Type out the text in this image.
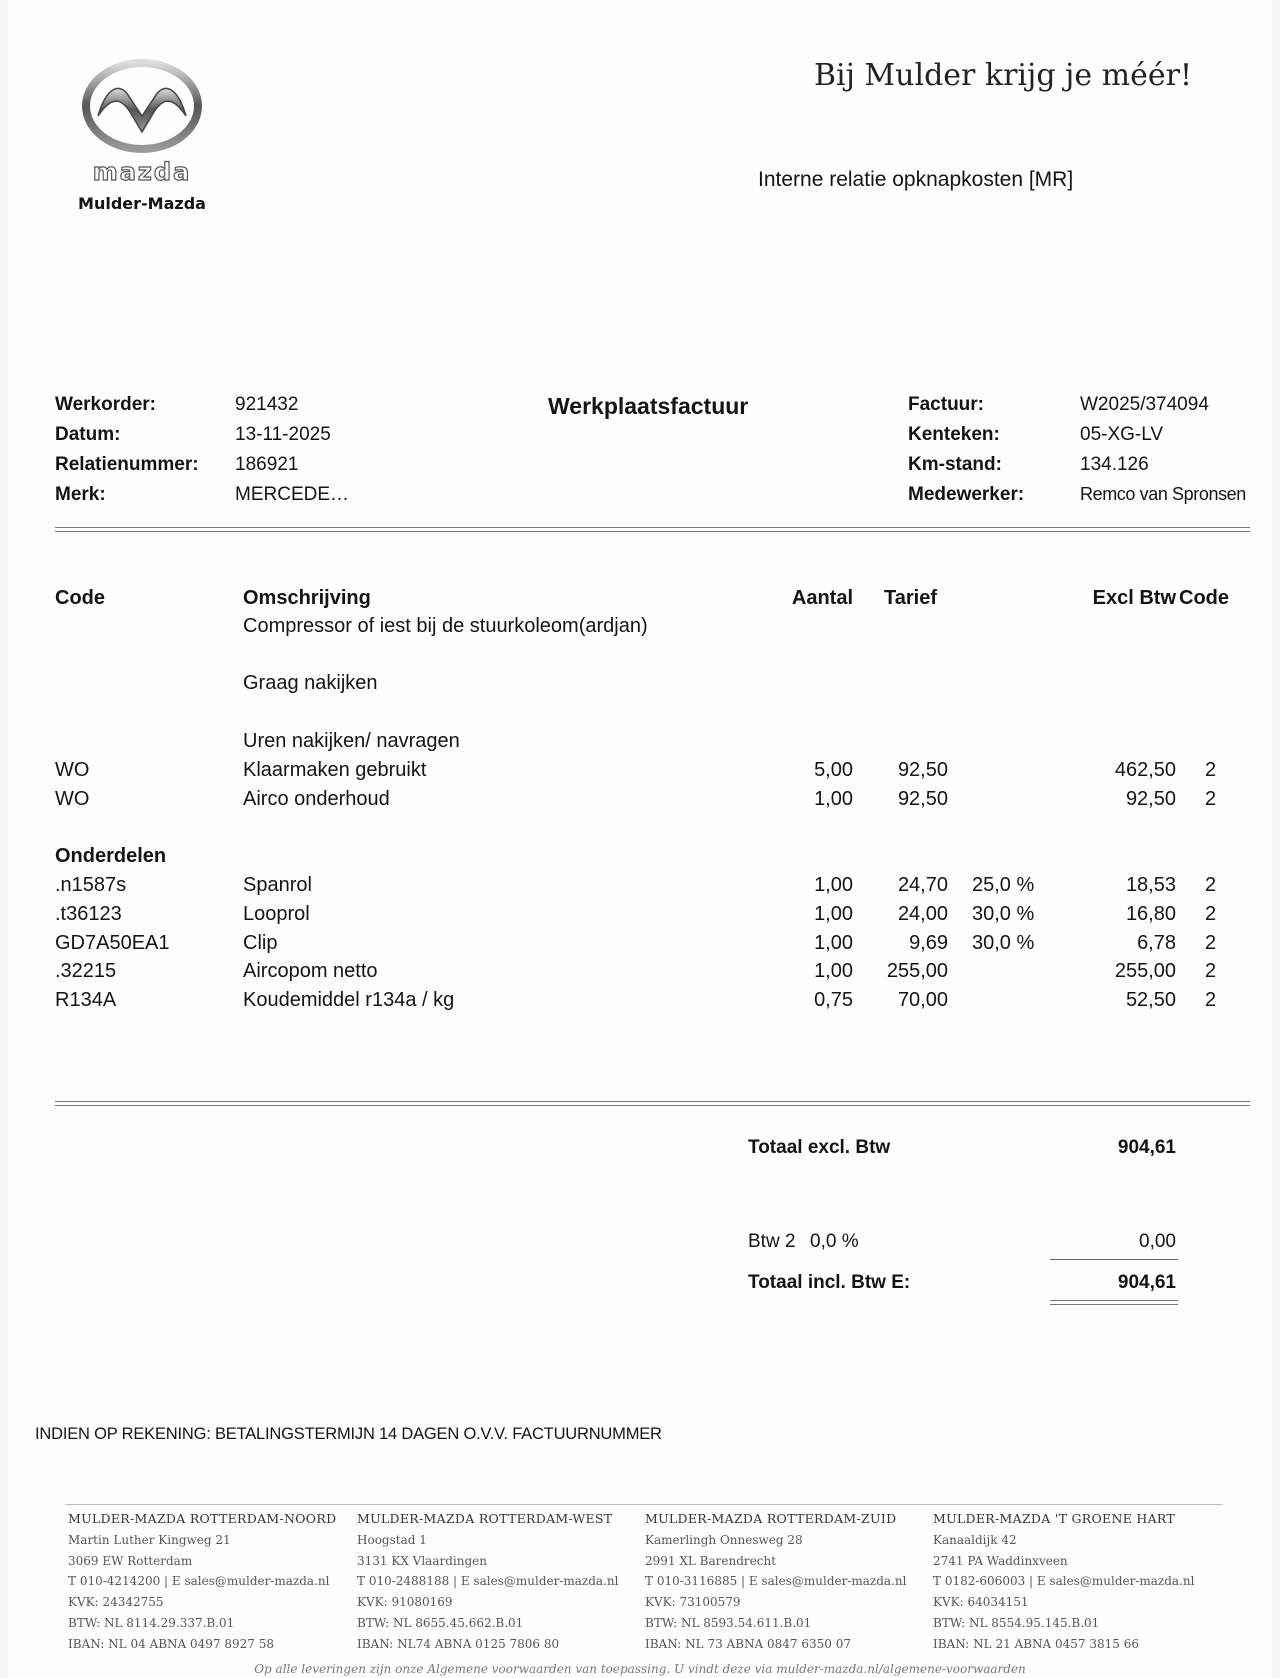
mazda
Mulder-Mazda
Bij Mulder krijg je méér!
Interne relatie opknapkosten [MR]
Werkorder:	921432
Datum:	13-11-2025
Relatienummer: 186921
Merk:	MERCEDE…
Werkplaatsfactuur	Factuur:	W2025/374094
Kenteken:	05-XG-LV
Km-stand:	134.126
Medewerker:	Remco van Spronsen
Code	Omschrijving	Aantal Tarief	Excl Btw Code
Compressor of iest bij de stuurkoleom(ardjan)
Graag nakijken
Uren nakijken/ navragen
WO	Klaarmaken gebruikt	5,00	92,50	462,50 2
WO	Airco onderhoud	1,00	92,50	92,50 2
Onderdelen
.n1587s	Spanrol	1,00	24,70 25,0 %	18,53 2
.t36123	Looprol	1,00	24,00 30,0 %	16,80 2
GD7A50EA1	Clip	1,00	9,69 30,0 %	6,78 2
.32215	Aircopom netto	1,00	255,00	255,00 2
R134A	Koudemiddel r134a / kg	0,75	70,00	52,50 2
Totaal excl. Btw	904,61
Btw 2 0,0 %	0,00
Totaal incl. Btw E:	904,61
INDIEN OP REKENING: BETALINGSTERMIJN 14 DAGEN O.V.V. FACTUURNUMMER
MULDER-MAZDA ROTTERDAM-NOORD
Martin Luther Kingweg 21
3069 EW Rotterdam
T 010-4214200 | E sales@mulder-mazda.nl
KVK: 24342755
BTW: NL 8114.29.337.B.01
IBAN: NL 04 ABNA 0497 8927 58
MULDER-MAZDA ROTTERDAM-WEST
Hoogstad 1
3131 KX Vlaardingen
T 010-2488188 | E sales@mulder-mazda.nl
KVK: 91080169
BTW: NL 8655.45.662.B.01
IBAN: NL74 ABNA 0125 7806 80
MULDER-MAZDA ROTTERDAM-ZUID
Kamerlingh Onnesweg 28
2991 XL Barendrecht
T 010-3116885 | E sales@mulder-mazda.nl
KVK: 73100579
BTW: NL 8593.54.611.B.01
IBAN: NL 73 ABNA 0847 6350 07
MULDER-MAZDA 'T GROENE HART
Kanaaldijk 42
2741 PA Waddinxveen
T 0182-606003 | E sales@mulder-mazda.nl
KVK: 64034151
BTW: NL 8554.95.145.B.01
IBAN: NL 21 ABNA 0457 3815 66
Op alle leveringen zijn onze Algemene voorwaarden van toepassing. U vindt deze via mulder-mazda.nl/algemene-voorwaarden
